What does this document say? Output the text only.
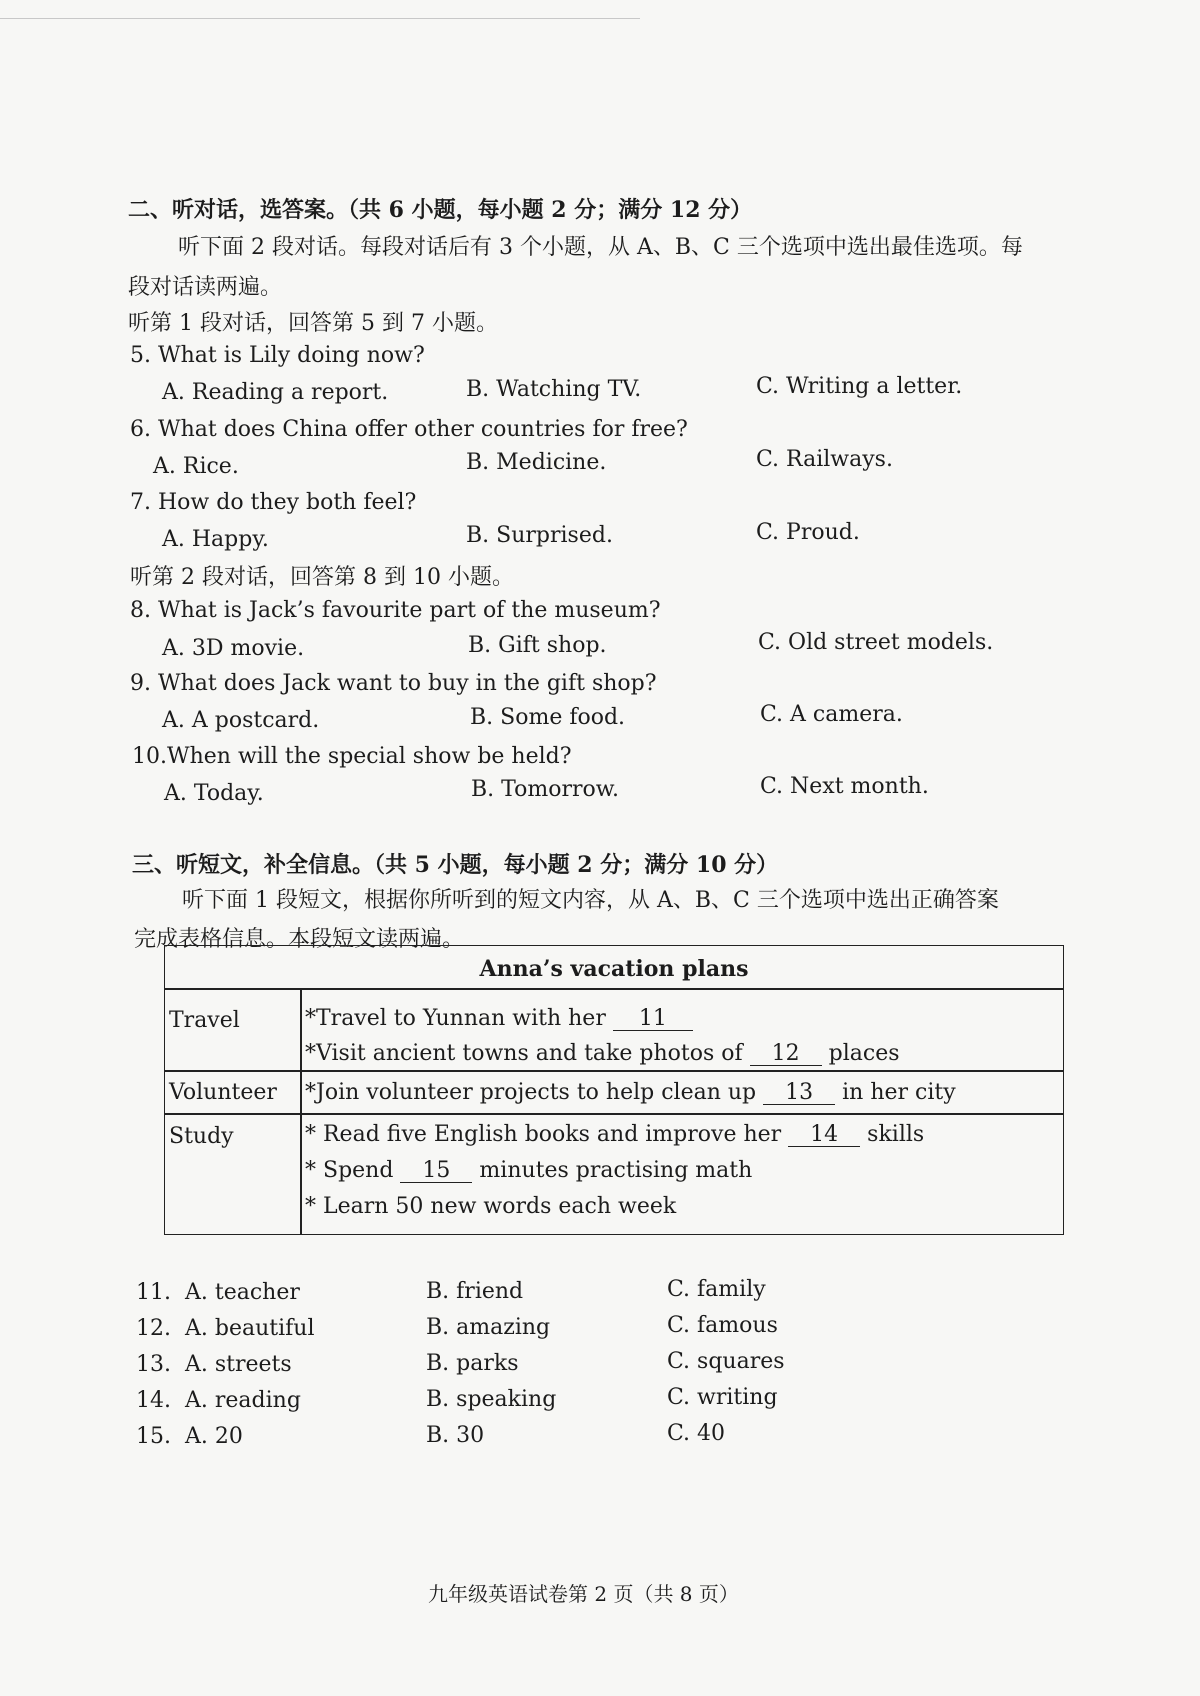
二、听对话，选答案。（共 6 小题，每小题 2 分；满分 12 分）
听下面 2 段对话。每段对话后有 3 个小题，从 A、B、C 三个选项中选出最佳选项。每
段对话读两遍。
听第 1 段对话，回答第 5 到 7 小题。
5. What is Lily doing now?
A. Reading a report.	B. Watching TV.	C. Writing a letter.
6. What does China offer other countries for free?
A. Rice.	B. Medicine.	C. Railways.
7. How do they both feel?
A. Happy.	B. Surprised.	C. Proud.
听第 2 段对话，回答第 8 到 10 小题。
8. What is Jack’s favourite part of the museum?
A. 3D movie.	B. Gift shop.	C. Old street models.
9. What does Jack want to buy in the gift shop?
A. A postcard.	B. Some food.	C. A camera.
10.When will the special show be held?
A. Today.	B. Tomorrow.	C. Next month.
三、听短文，补全信息。（共 5 小题，每小题 2 分；满分 10 分）
听下面 1 段短文，根据你所听到的短文内容，从 A、B、C 三个选项中选出正确答案
完成表格信息。本段短文读两遍。
Anna’s vacation plans
Travel	*Travel to Yunnan with her 11
*Visit ancient towns and take photos of 12 places
Volunteer *Join volunteer projects to help clean up 13 in her city
Study	* Read five English books and improve her 14 skills
* Spend 15 minutes practising math
* Learn 50 new words each week
11. A. teacher	B. friend	C. family
12. A. beautiful	B. amazing	C. famous
13. A. streets	B. parks	C. squares
14. A. reading	B. speaking	C. writing
15. A. 20	B. 30	C. 40
九年级英语试卷第 2 页（共 8 页）
